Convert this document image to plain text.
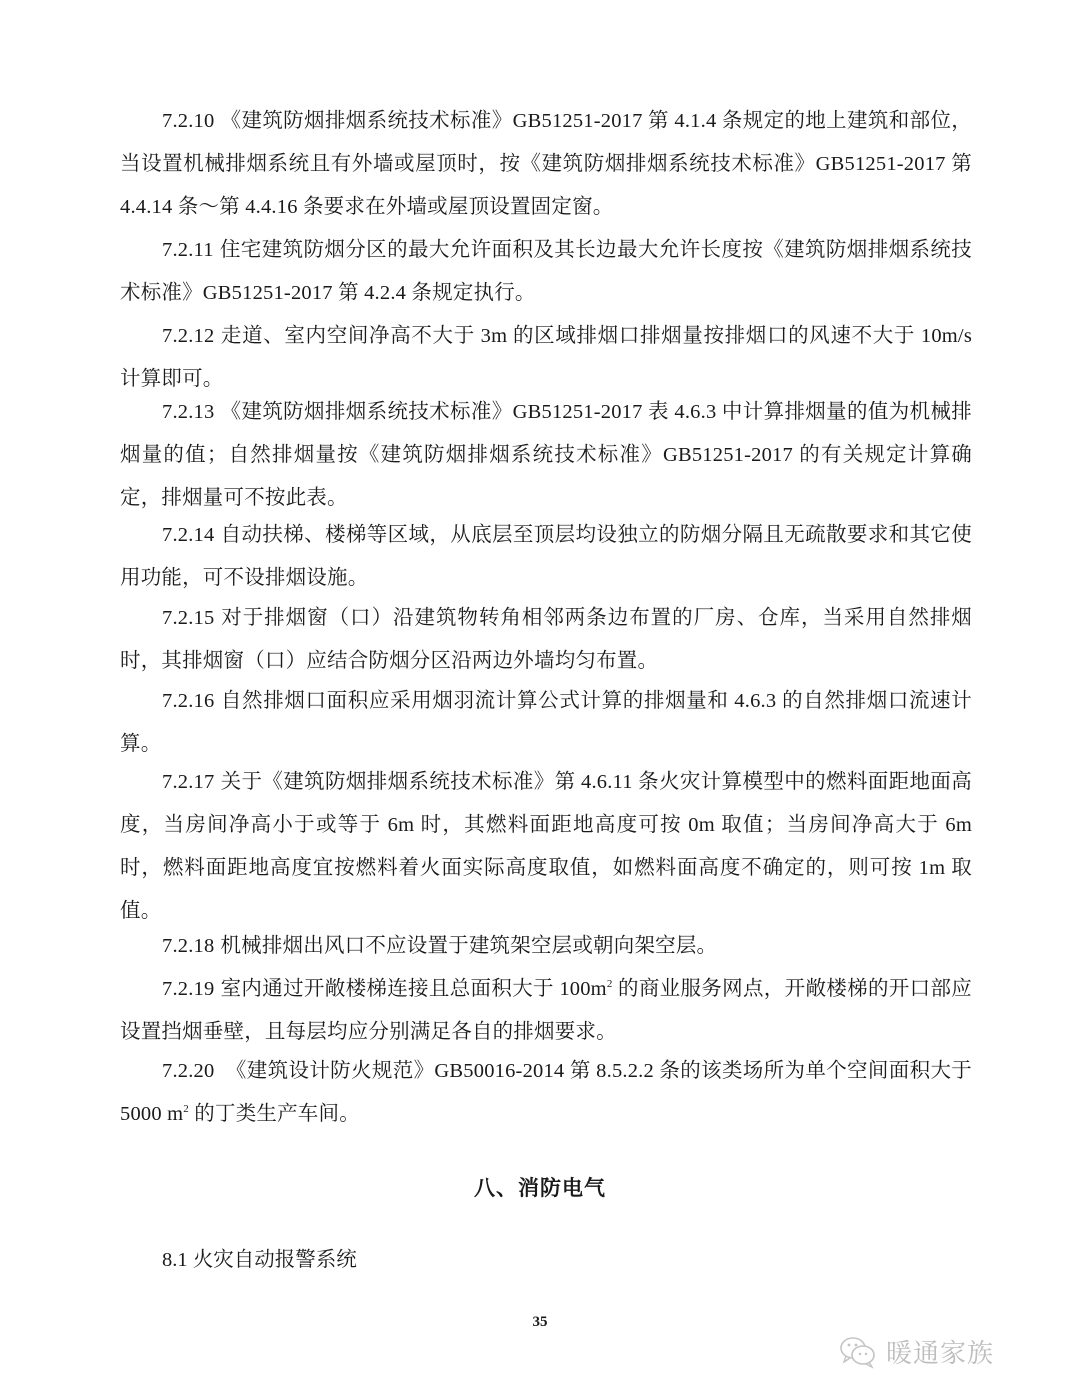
7.2.10 《建筑防烟排烟系统技术标准》GB51251-2017 第 4.1.4 条规定的地上建筑和部位，当设置机械排烟系统且有外墙或屋顶时，按《建筑防烟排烟系统技术标准》GB51251-2017 第 4.4.14 条～第 4.4.16 条要求在外墙或屋顶设置固定窗。
7.2.11 住宅建筑防烟分区的最大允许面积及其长边最大允许长度按《建筑防烟排烟系统技术标准》GB51251-2017 第 4.2.4 条规定执行。
7.2.12 走道、室内空间净高不大于 3m 的区域排烟口排烟量按排烟口的风速不大于 10m/s 计算即可。
7.2.13 《建筑防烟排烟系统技术标准》GB51251-2017 表 4.6.3 中计算排烟量的值为机械排烟量的值；自然排烟量按《建筑防烟排烟系统技术标准》GB51251-2017 的有关规定计算确定，排烟量可不按此表。
7.2.14 自动扶梯、楼梯等区域，从底层至顶层均设独立的防烟分隔且无疏散要求和其它使用功能，可不设排烟设施。
7.2.15 对于排烟窗（口）沿建筑物转角相邻两条边布置的厂房、仓库，当采用自然排烟时，其排烟窗（口）应结合防烟分区沿两边外墙均匀布置。
7.2.16 自然排烟口面积应采用烟羽流计算公式计算的排烟量和 4.6.3 的自然排烟口流速计算。
7.2.17 关于《建筑防烟排烟系统技术标准》第 4.6.11 条火灾计算模型中的燃料面距地面高度，当房间净高小于或等于 6m 时，其燃料面距地高度可按 0m 取值；当房间净高大于 6m 时，燃料面距地高度宜按燃料着火面实际高度取值，如燃料面高度不确定的，则可按 1m 取值。
7.2.18 机械排烟出风口不应设置于建筑架空层或朝向架空层。
7.2.19 室内通过开敞楼梯连接且总面积大于 $100m^2$ 的商业服务网点，开敞楼梯的开口部应设置挡烟垂壁，且每层均应分别满足各自的排烟要求。
7.2.20 《建筑设计防火规范》GB50016-2014 第 8.5.2.2 条的该类场所为单个空间面积大于 5000 $m^2$ 的丁类生产车间。
八、消防电气
8.1 火灾自动报警系统
35
暖通家族
